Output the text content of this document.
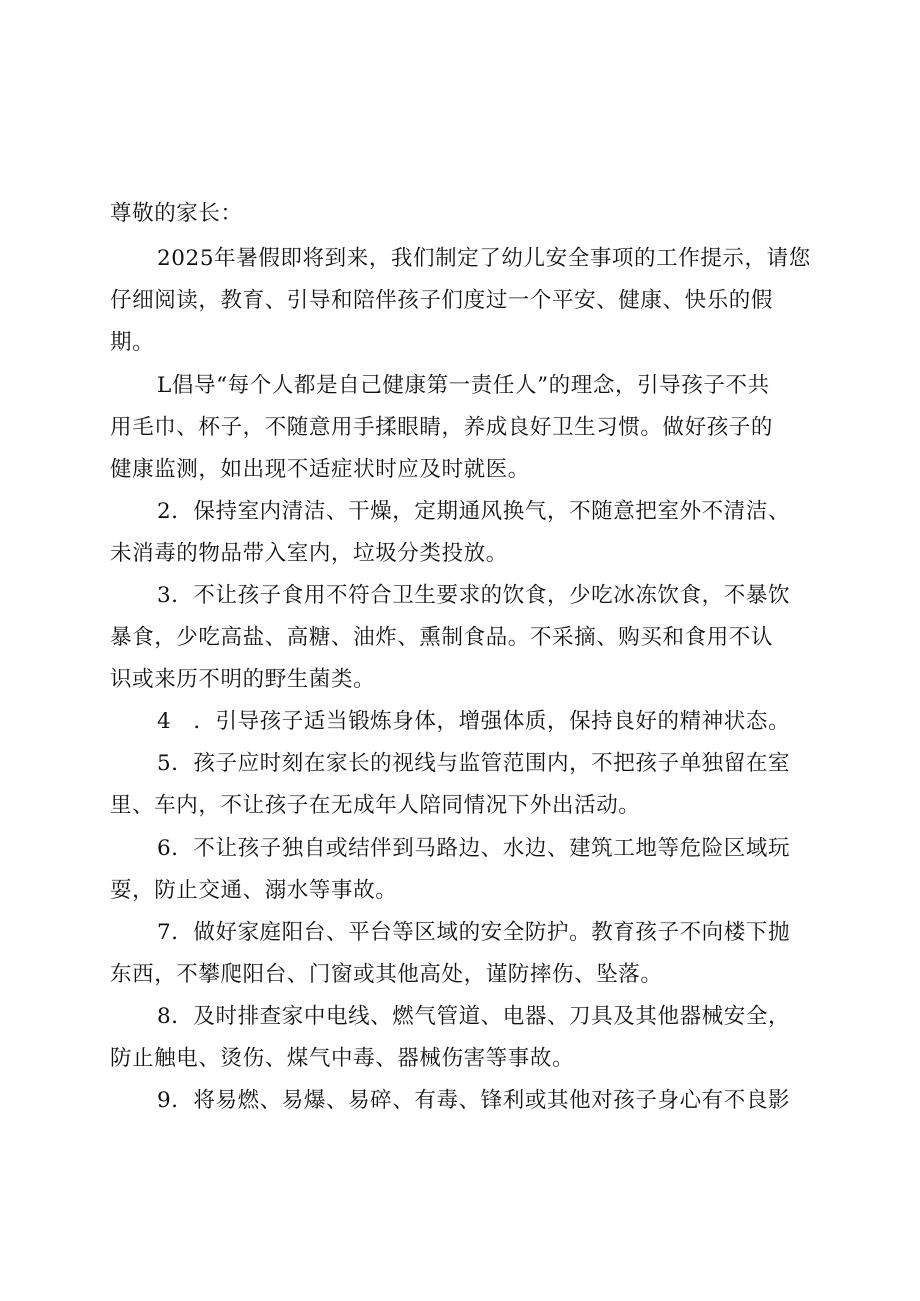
尊敬的家长：
2025年暑假即将到来，我们制定了幼儿安全事项的工作提示，请您
仔细阅读，教育、引导和陪伴孩子们度过一个平安、健康、快乐的假
期。
L倡导“每个人都是自己健康第一责任人”的理念，引导孩子不共
用毛巾、杯子，不随意用手揉眼睛，养成良好卫生习惯。做好孩子的
健康监测，如出现不适症状时应及时就医。
2．保持室内清洁、干燥，定期通风换气，不随意把室外不清洁、
未消毒的物品带入室内，垃圾分类投放。
3．不让孩子食用不符合卫生要求的饮食，少吃冰冻饮食，不暴饮
暴食，少吃高盐、高糖、油炸、熏制食品。不采摘、购买和食用不认
识或来历不明的野生菌类。
4　．引导孩子适当锻炼身体，增强体质，保持良好的精神状态。
5．孩子应时刻在家长的视线与监管范围内，不把孩子单独留在室
里、车内，不让孩子在无成年人陪同情况下外出活动。
6．不让孩子独自或结伴到马路边、水边、建筑工地等危险区域玩
耍，防止交通、溺水等事故。
7．做好家庭阳台、平台等区域的安全防护。教育孩子不向楼下抛
东西，不攀爬阳台、门窗或其他高处，谨防摔伤、坠落。
8．及时排查家中电线、燃气管道、电器、刀具及其他器械安全，
防止触电、烫伤、煤气中毒、器械伤害等事故。
9．将易燃、易爆、易碎、有毒、锋利或其他对孩子身心有不良影
